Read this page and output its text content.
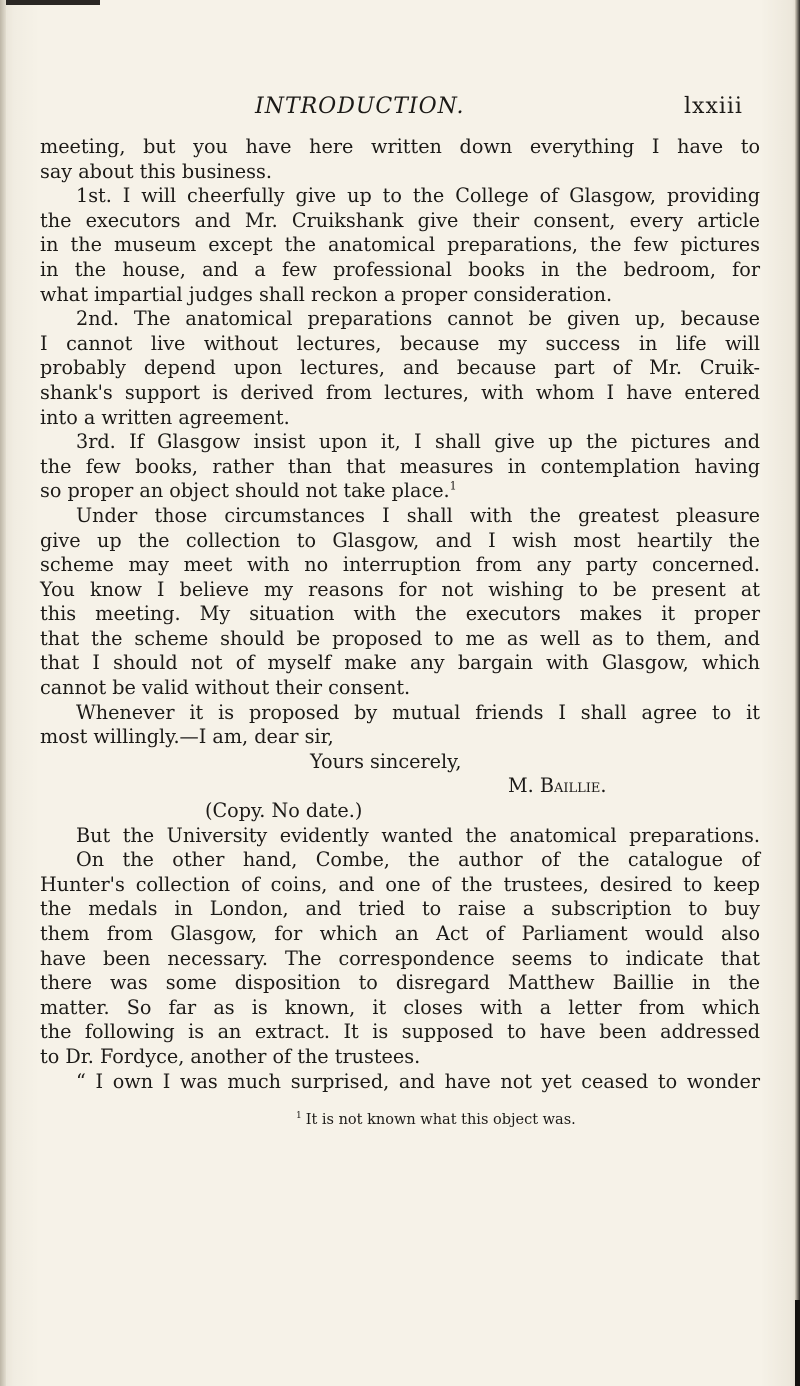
INTRODUCTION.	lxxiii
meeting, but you have here written down everything I have to
say about this business.
1st. I will cheerfully give up to the College of Glasgow, providing
the executors and Mr. Cruikshank give their consent, every article
in the museum except the anatomical preparations, the few pictures
in the house, and a few professional books in the bedroom, for
what impartial judges shall reckon a proper consideration.
2nd. The anatomical preparations cannot be given up, because
I cannot live without lectures, because my success in life will
probably depend upon lectures, and because part of Mr. Cruik-
shank's support is derived from lectures, with whom I have entered
into a written agreement.
3rd. If Glasgow insist upon it, I shall give up the pictures and
the few books, rather than that measures in contemplation having
so proper an object should not take place.$^1$
Under those circumstances I shall with the greatest pleasure
give up the collection to Glasgow, and I wish most heartily the
scheme may meet with no interruption from any party concerned.
You know I believe my reasons for not wishing to be present at
this meeting. My situation with the executors makes it proper
that the scheme should be proposed to me as well as to them, and
that I should not of myself make any bargain with Glasgow, which
cannot be valid without their consent.
Whenever it is proposed by mutual friends I shall agree to it
most willingly.—I am, dear sir,
Yours sincerely,
M. Baillie.
(Copy. No date.)
But the University evidently wanted the anatomical preparations.
On the other hand, Combe, the author of the catalogue of
Hunter's collection of coins, and one of the trustees, desired to keep
the medals in London, and tried to raise a subscription to buy
them from Glasgow, for which an Act of Parliament would also
have been necessary. The correspondence seems to indicate that
there was some disposition to disregard Matthew Baillie in the
matter. So far as is known, it closes with a letter from which
the following is an extract. It is supposed to have been addressed
to Dr. Fordyce, another of the trustees.
“ I own I was much surprised, and have not yet ceased to wonder
$^1$ It is not known what this object was.
